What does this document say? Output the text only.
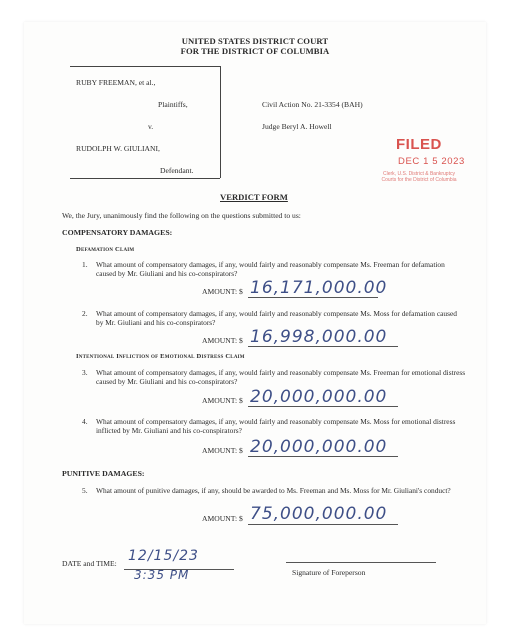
UNITED STATES DISTRICT COURT
FOR THE DISTRICT OF COLUMBIA
RUBY FREEMAN, et al.,
Plaintiffs,
v.
RUDOLPH W. GIULIANI,
Defendant.
Civil Action No. 21-3354 (BAH)
Judge Beryl A. Howell
FILED
DEC 1 5 2023
Clerk, U.S. District & Bankruptcy
Courts for the District of Columbia
VERDICT FORM
We, the Jury, unanimously find the following on the questions submitted to us:
COMPENSATORY DAMAGES:
Defamation Claim
1. What amount of compensatory damages, if any, would fairly and reasonably compensate Ms. Freeman for defamation caused by Mr. Giuliani and his co-conspirators?
AMOUNT: $ 16,171,000.00
2. What amount of compensatory damages, if any, would fairly and reasonably compensate Ms. Moss for defamation caused by Mr. Giuliani and his co-conspirators?
AMOUNT: $ 16,998,000.00
Intentional Infliction of Emotional Distress Claim
3. What amount of compensatory damages, if any, would fairly and reasonably compensate Ms. Freeman for emotional distress caused by Mr. Giuliani and his co-conspirators?
AMOUNT: $ 20,000,000.00
4. What amount of compensatory damages, if any, would fairly and reasonably compensate Ms. Moss for emotional distress inflicted by Mr. Giuliani and his co-conspirators?
AMOUNT: $ 20,000,000.00
PUNITIVE DAMAGES:
5. What amount of punitive damages, if any, should be awarded to Ms. Freeman and Ms. Moss for Mr. Giuliani's conduct?
AMOUNT: $ 75,000,000.00
DATE and TIME: 12/15/23
3:35 PM	Signature of Foreperson
